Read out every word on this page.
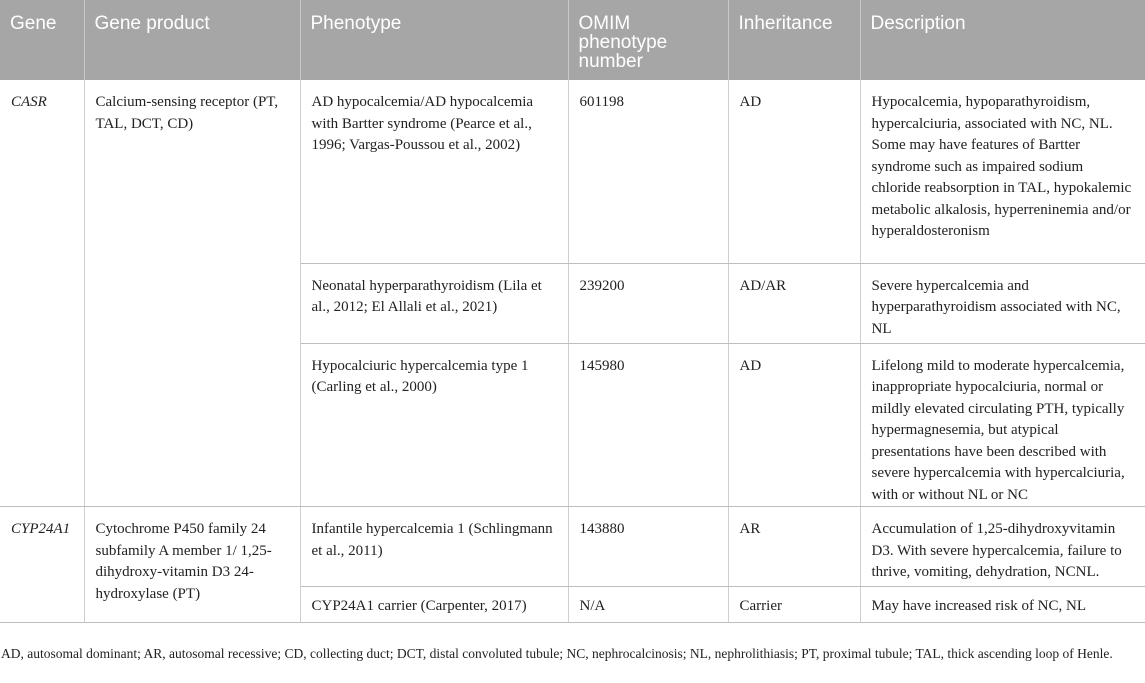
Gene	Gene product	Phenotype	OMIM phenotype number	Inheritance	Description
CASR	Calcium-sensing receptor (PT, TAL, DCT, CD)	AD hypocalcemia/AD hypocalcemia with Bartter syndrome (Pearce et al., 1996; Vargas-Poussou et al., 2002)	601198	AD	Hypocalcemia, hypoparathyroidism, hypercalciuria, associated with NC, NL. Some may have features of Bartter syndrome such as impaired sodium chloride reabsorption in TAL, hypokalemic metabolic alkalosis, hyperreninemia and/or hyperaldosteronism
		Neonatal hyperparathyroidism (Lila et al., 2012; El Allali et al., 2021)	239200	AD/AR	Severe hypercalcemia and hyperparathyroidism associated with NC, NL
		Hypocalciuric hypercalcemia type 1 (Carling et al., 2000)	145980	AD	Lifelong mild to moderate hypercalcemia, inappropriate hypocalciuria, normal or mildly elevated circulating PTH, typically hypermagnesemia, but atypical presentations have been described with severe hypercalcemia with hypercalciuria, with or without NL or NC
CYP24A1	Cytochrome P450 family 24 subfamily A member 1/ 1,25-dihydroxy-vitamin D3 24-hydroxylase (PT)	Infantile hypercalcemia 1 (Schlingmann et al., 2011)	143880	AR	Accumulation of 1,25-dihydroxyvitamin D3. With severe hypercalcemia, failure to thrive, vomiting, dehydration, NCNL.
		CYP24A1 carrier (Carpenter, 2017)	N/A	Carrier	May have increased risk of NC, NL
AD, autosomal dominant; AR, autosomal recessive; CD, collecting duct; DCT, distal convoluted tubule; NC, nephrocalcinosis; NL, nephrolithiasis; PT, proximal tubule; TAL, thick ascending loop of Henle.
